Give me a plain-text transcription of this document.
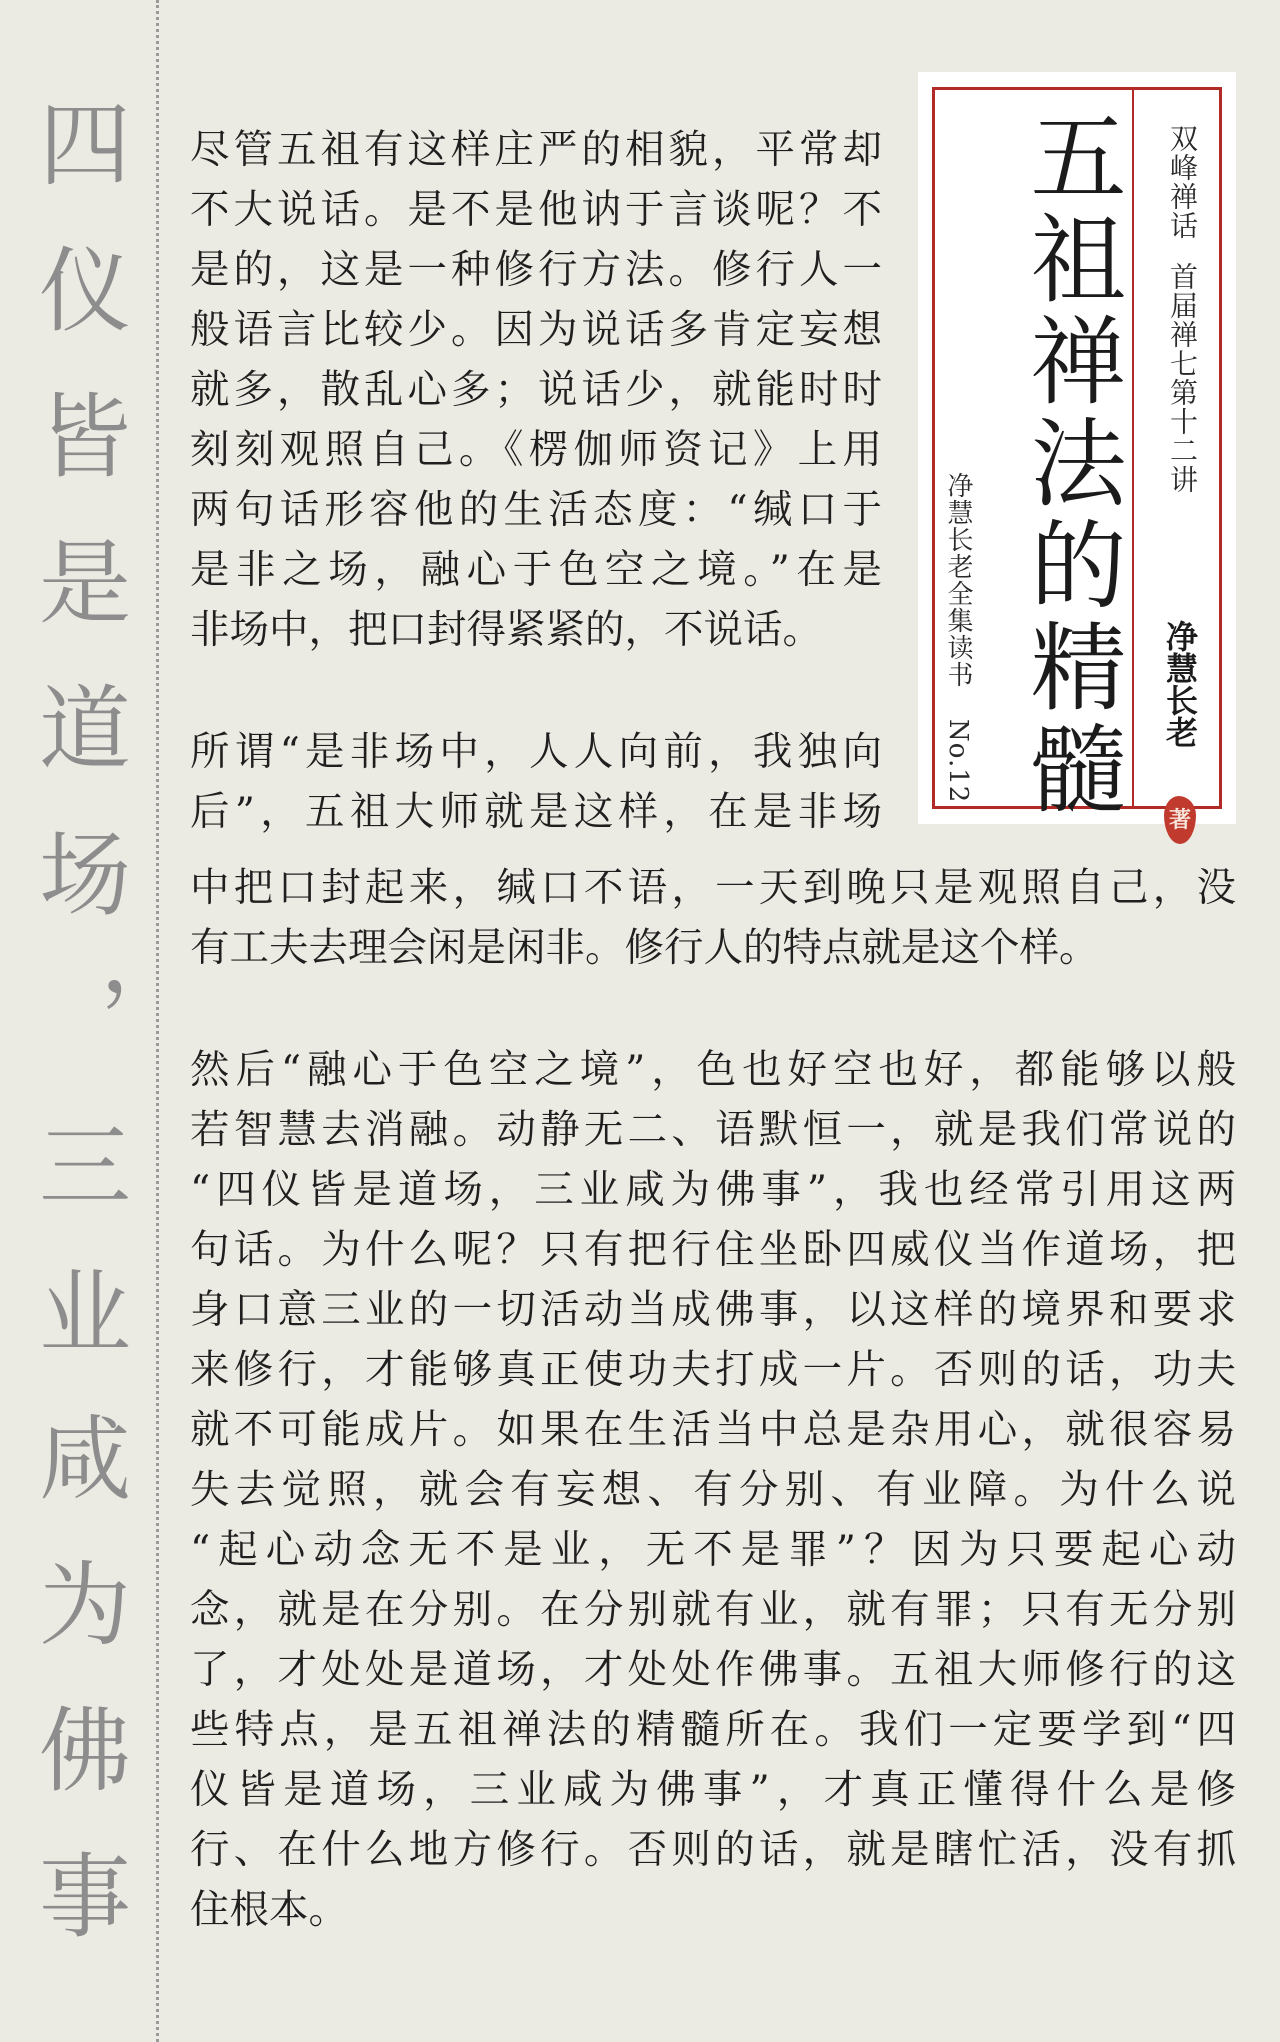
四仪皆是道场，三业咸为佛事	五祖禅法的精髓
净慧长老全集读书 No.12
双峰禅话首届禅七第十二讲
净慧长老
著
尽管五祖有这样庄严的相貌，平常却
不大说话。是不是他讷于言谈呢？不
是的，这是一种修行方法。修行人一
般语言比较少。因为说话多肯定妄想
就多，散乱心多；说话少，就能时时
刻刻观照自己。《楞伽师资记》上用
两句话形容他的生活态度：“缄口于
是非之场，融心于色空之境。”在是
非场中，把口封得紧紧的，不说话。
所谓“是非场中，人人向前，我独向
后”，五祖大师就是这样，在是非场
中把口封起来，缄口不语，一天到晚只是观照自己，没
有工夫去理会闲是闲非。修行人的特点就是这个样。
然后“融心于色空之境”，色也好空也好，都能够以般
若智慧去消融。动静无二、语默恒一，就是我们常说的
“四仪皆是道场，三业咸为佛事”，我也经常引用这两
句话。为什么呢？只有把行住坐卧四威仪当作道场，把
身口意三业的一切活动当成佛事，以这样的境界和要求
来修行，才能够真正使功夫打成一片。否则的话，功夫
就不可能成片。如果在生活当中总是杂用心，就很容易
失去觉照，就会有妄想、有分别、有业障。为什么说
“起心动念无不是业，无不是罪”？因为只要起心动
念，就是在分别。在分别就有业，就有罪；只有无分别
了，才处处是道场，才处处作佛事。五祖大师修行的这
些特点，是五祖禅法的精髓所在。我们一定要学到“四
仪皆是道场，三业咸为佛事”，才真正懂得什么是修
行、在什么地方修行。否则的话，就是瞎忙活，没有抓
住根本。
